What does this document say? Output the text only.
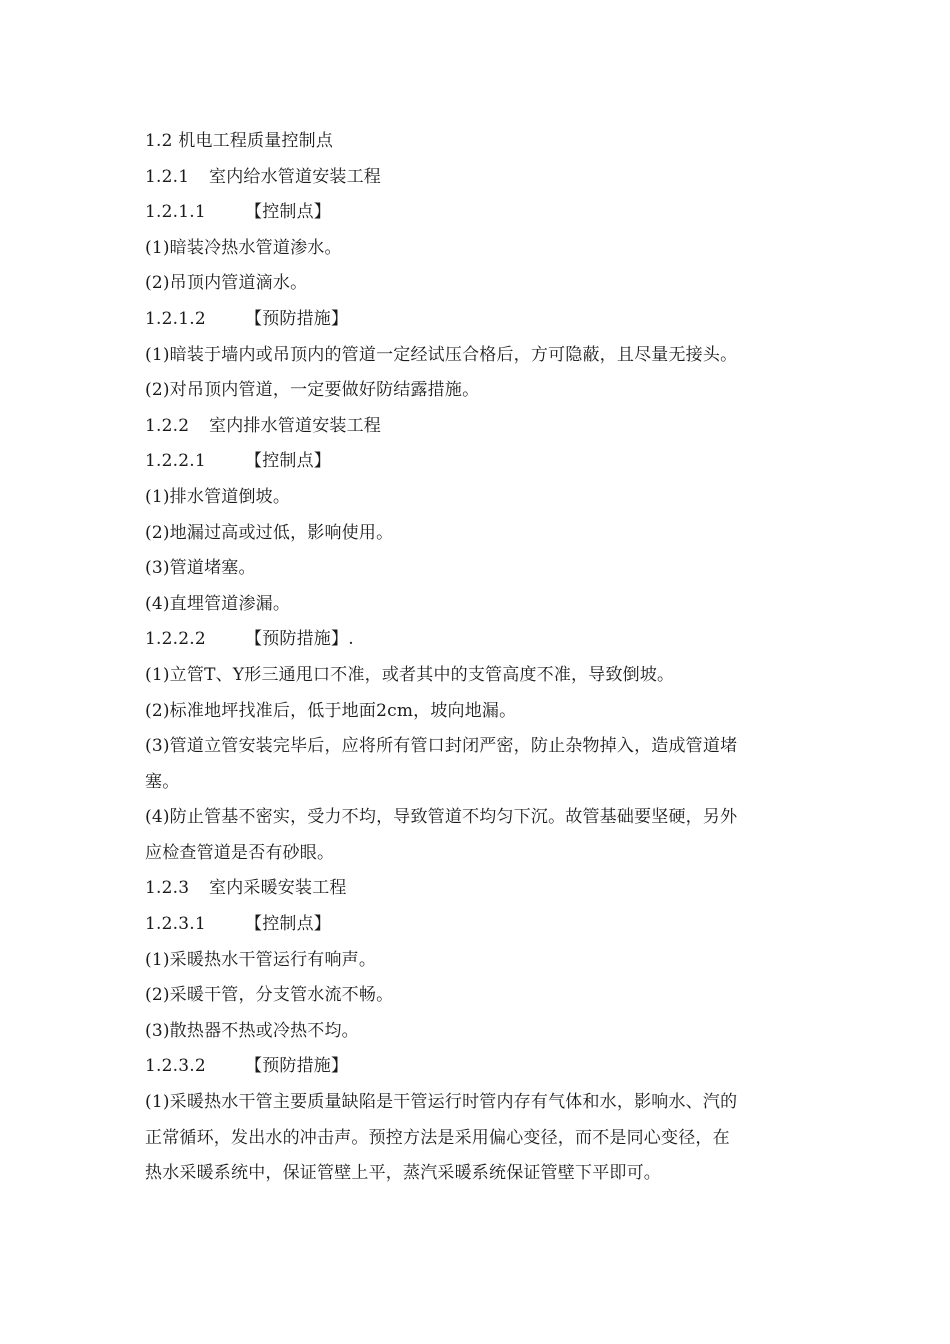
1.2 机电工程质量控制点
1.2.1 室内给水管道安装工程
1.2.1.1 【控制点】
(1)暗装冷热水管道渗水。
(2)吊顶内管道滴水。
1.2.1.2 【预防措施】
(1)暗装于墙内或吊顶内的管道一定经试压合格后，方可隐蔽，且尽量无接头。
(2)对吊顶内管道，一定要做好防结露措施。
1.2.2 室内排水管道安装工程
1.2.2.1 【控制点】
(1)排水管道倒坡。
(2)地漏过高或过低，影响使用。
(3)管道堵塞。
(4)直埋管道渗漏。
1.2.2.2 【预防措施】.
(1)立管T、Y形三通甩口不准，或者其中的支管高度不准，导致倒坡。
(2)标准地坪找准后，低于地面2cm，坡向地漏。
(3)管道立管安装完毕后，应将所有管口封闭严密，防止杂物掉入，造成管道堵
塞。
(4)防止管基不密实，受力不均，导致管道不均匀下沉。故管基础要坚硬，另外
应检查管道是否有砂眼。
1.2.3 室内采暖安装工程
1.2.3.1 【控制点】
(1)采暖热水干管运行有响声。
(2)采暖干管，分支管水流不畅。
(3)散热器不热或冷热不均。
1.2.3.2 【预防措施】
(1)采暖热水干管主要质量缺陷是干管运行时管内存有气体和水，影响水、汽的
正常循环，发出水的冲击声。预控方法是采用偏心变径，而不是同心变径，在
热水采暖系统中，保证管壁上平，蒸汽采暖系统保证管壁下平即可。
